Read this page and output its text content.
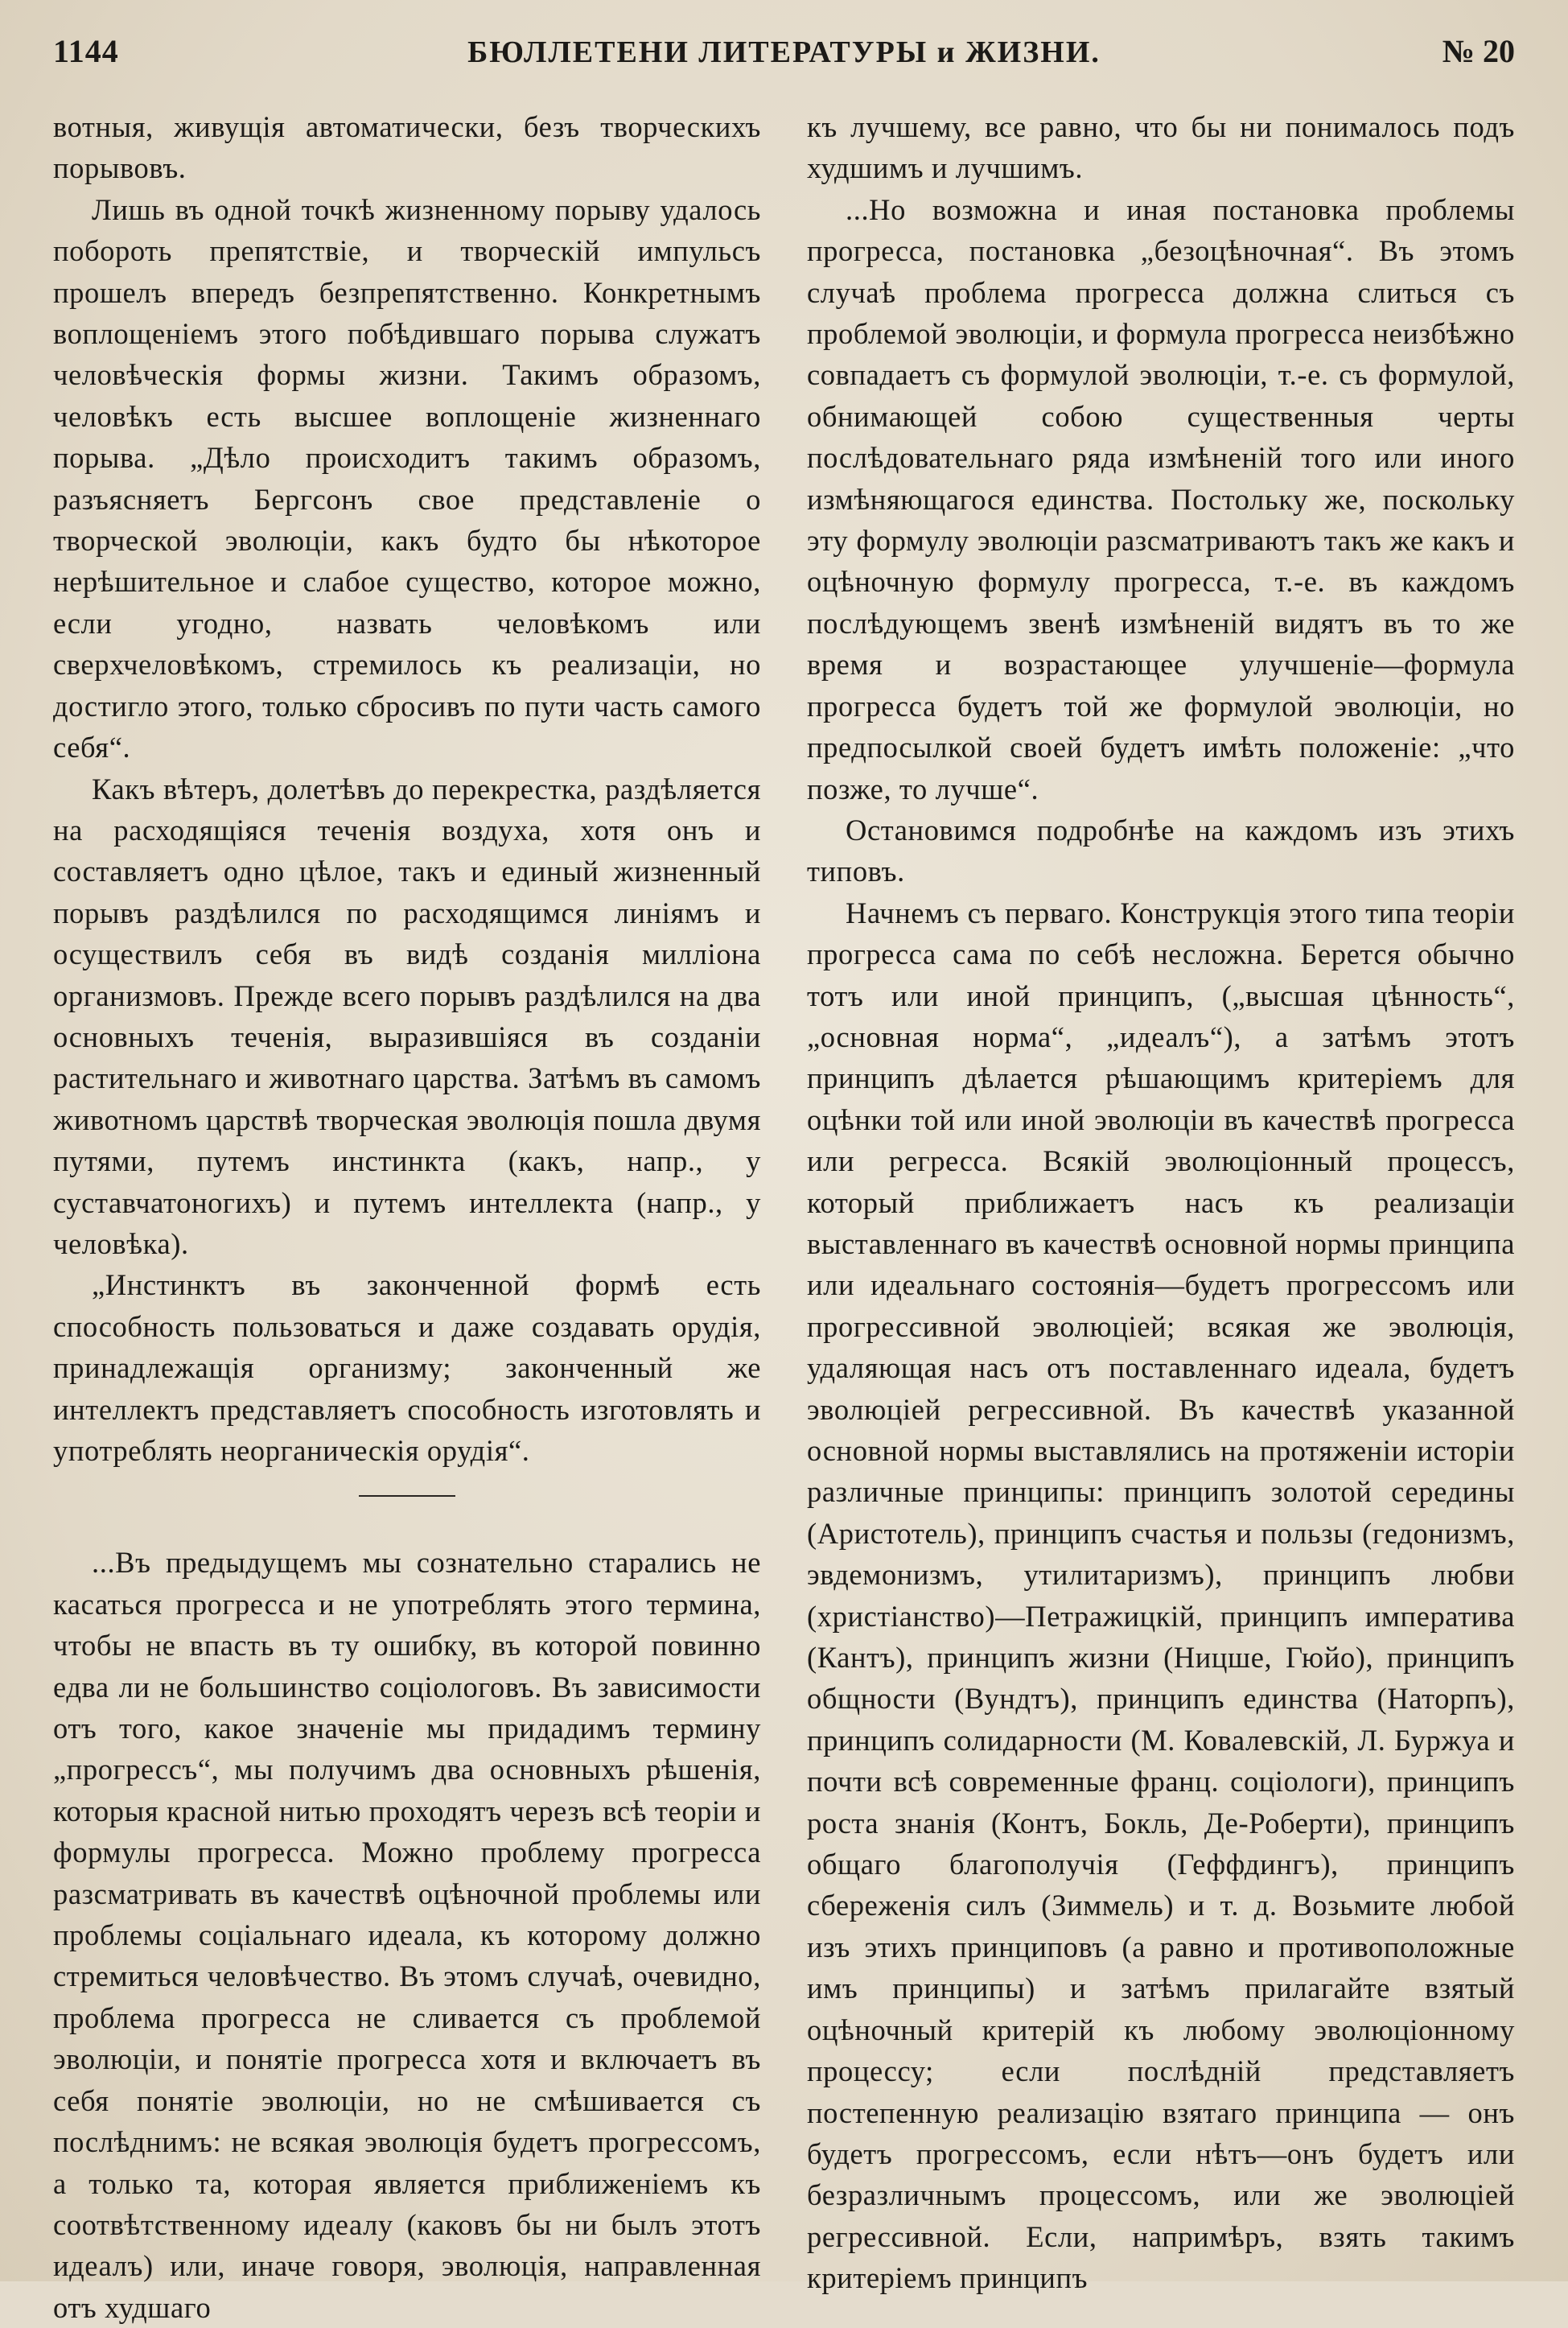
1144	БЮЛЛЕТЕНИ ЛИТЕРАТУРЫ и ЖИЗНИ.	№ 20

вотныя, живущія автоматически, безъ творческихъ порывовъ.

Лишь въ одной точкѣ жизненному порыву удалось побороть препятствіе, и творческій импульсъ прошелъ впередъ безпрепятственно. Конкретнымъ воплощеніемъ этого побѣдившаго порыва служатъ человѣческія формы жизни. Такимъ образомъ, человѣкъ есть высшее воплощеніе жизненнаго порыва. „Дѣло происходитъ такимъ образомъ, разъясняетъ Бергсонъ свое представленіе о творческой эволюціи, какъ будто бы нѣкоторое нерѣшительное и слабое существо, которое можно, если угодно, назвать человѣкомъ или сверхчеловѣкомъ, стремилось къ реализаціи, но достигло этого, только сбросивъ по пути часть самого себя“.

Какъ вѣтеръ, долетѣвъ до перекрестка, раздѣляется на расходящіяся теченія воздуха, хотя онъ и составляетъ одно цѣлое, такъ и единый жизненный порывъ раздѣлился по расходящимся линіямъ и осуществилъ себя въ видѣ созданія милліона организмовъ. Прежде всего порывъ раздѣлился на два основныхъ теченія, выразившіяся въ созданіи растительнаго и животнаго царства. Затѣмъ въ самомъ животномъ царствѣ творческая эволюція пошла двумя путями, путемъ инстинкта (какъ, напр., у суставчатоногихъ) и путемъ интеллекта (напр., у человѣка).

„Инстинктъ въ законченной формѣ есть способность пользоваться и даже создавать орудія, принадлежащія организму; законченный же интеллектъ представляетъ способность изготовлять и употреблять неорганическія орудія“.

...Въ предыдущемъ мы сознательно старались не касаться прогресса и не употреблять этого термина, чтобы не впасть въ ту ошибку, въ которой повинно едва ли не большинство соціологовъ. Въ зависимости отъ того, какое значеніе мы придадимъ термину „прогрессъ“, мы получимъ два основныхъ рѣшенія, которыя красной нитью проходятъ черезъ всѣ теоріи и формулы прогресса. Можно проблему прогресса разсматривать въ качествѣ оцѣночной проблемы или проблемы соціальнаго идеала, къ которому должно стремиться человѣчество. Въ этомъ случаѣ, очевидно, проблема прогресса не сливается съ проблемой эволюціи, и понятіе прогресса хотя и включаетъ въ себя понятіе эволюціи, но не смѣшивается съ послѣднимъ: не всякая эволюція будетъ прогрессомъ, а только та, которая является приближеніемъ къ соотвѣтственному идеалу (каковъ бы ни былъ этотъ идеалъ) или, иначе говоря, эволюція, направленная отъ худшаго

къ лучшему, все равно, что бы ни понималось подъ худшимъ и лучшимъ.

...Но возможна и иная постановка проблемы прогресса, постановка „безоцѣночная“. Въ этомъ случаѣ проблема прогресса должна слиться съ проблемой эволюціи, и формула прогресса неизбѣжно совпадаетъ съ формулой эволюціи, т.-е. съ формулой, обнимающей собою существенныя черты послѣдовательнаго ряда измѣненій того или иного измѣняющагося единства. Постольку же, поскольку эту формулу эволюціи разсматриваютъ такъ же какъ и оцѣночную формулу прогресса, т.-е. въ каждомъ послѣдующемъ звенѣ измѣненій видятъ въ то же время и возрастающее улучшеніе—формула прогресса будетъ той же формулой эволюціи, но предпосылкой своей будетъ имѣть положеніе: „что позже, то лучше“.

Остановимся подробнѣе на каждомъ изъ этихъ типовъ.

Начнемъ съ перваго. Конструкція этого типа теоріи прогресса сама по себѣ несложна. Берется обычно тотъ или иной принципъ, („высшая цѣнность“, „основная норма“, „идеалъ“), а затѣмъ этотъ принципъ дѣлается рѣшающимъ критеріемъ для оцѣнки той или иной эволюціи въ качествѣ прогресса или регресса. Всякій эволюціонный процессъ, который приближаетъ насъ къ реализаціи выставленнаго въ качествѣ основной нормы принципа или идеальнаго состоянія—будетъ прогрессомъ или прогрессивной эволюціей; всякая же эволюція, удаляющая насъ отъ поставленнаго идеала, будетъ эволюціей регрессивной. Въ качествѣ указанной основной нормы выставлялись на протяженіи исторіи различные принципы: принципъ золотой середины (Аристотель), принципъ счастья и пользы (гедонизмъ, эвдемонизмъ, утилитаризмъ), принципъ любви (христіанство)—Петражицкій, принципъ императива (Кантъ), принципъ жизни (Ницше, Гюйо), принципъ общности (Вундтъ), принципъ единства (Наторпъ), принципъ солидарности (М. Ковалевскій, Л. Буржуа и почти всѣ современные франц. соціологи), принципъ роста знанія (Контъ, Бокль, Де-Роберти), принципъ общаго благополучія (Геффдингъ), принципъ сбереженія силъ (Зиммель) и т. д. Возьмите любой изъ этихъ принциповъ (а равно и противоположные имъ принципы) и затѣмъ прилагайте взятый оцѣночный критерій къ любому эволюціонному процессу; если послѣдній представляетъ постепенную реализацію взятаго принципа — онъ будетъ прогрессомъ, если нѣтъ—онъ будетъ или безразличнымъ процессомъ, или же эволюціей регрессивной. Если, напримѣръ, взять такимъ критеріемъ принципъ
